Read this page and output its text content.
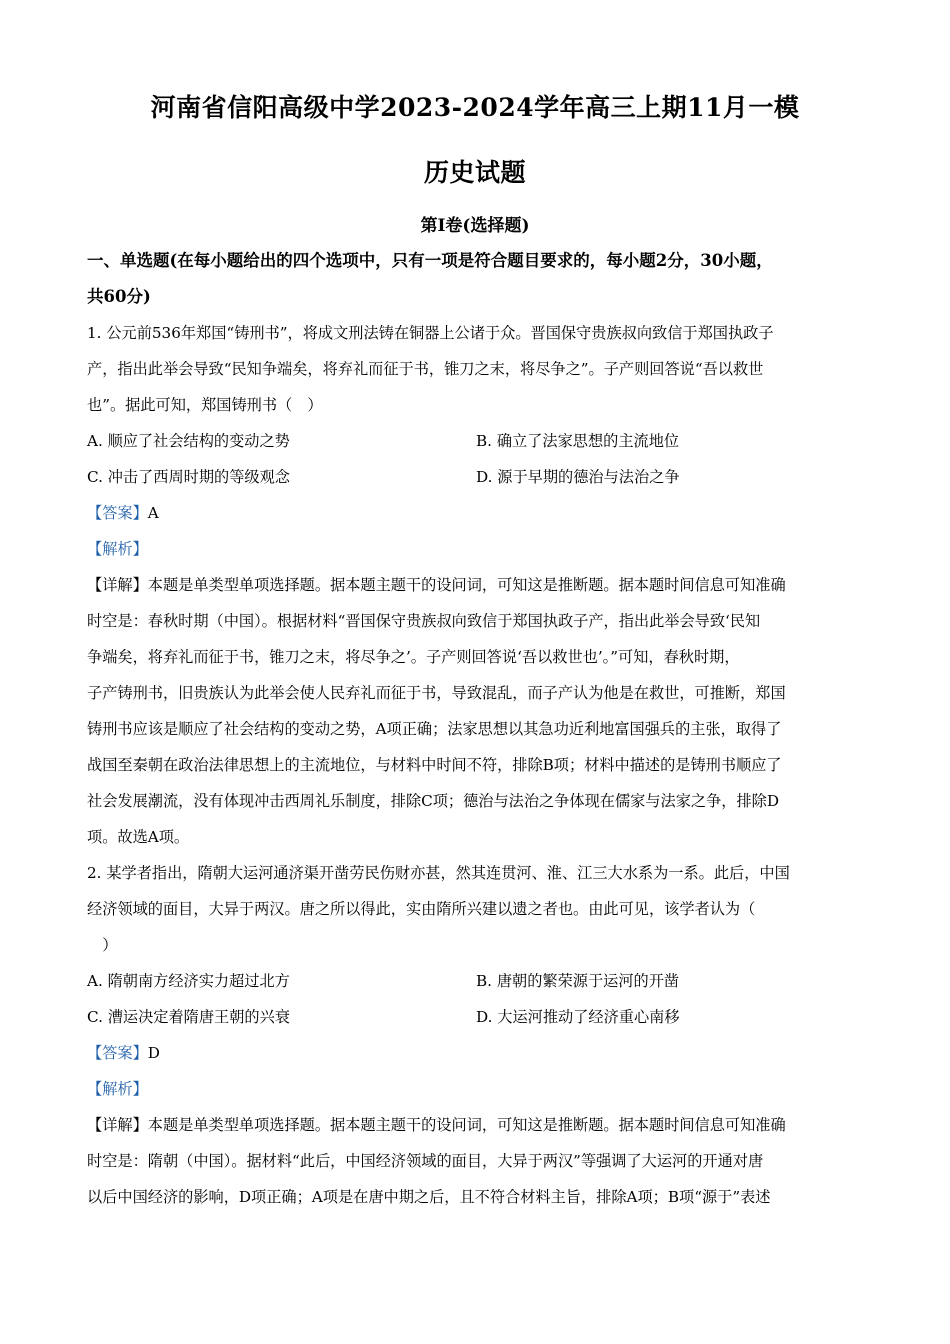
河南省信阳高级中学2023-2024学年高三上期11月一模
历史试题
第Ⅰ卷(选择题)
一、单选题(在每小题给出的四个选项中，只有一项是符合题目要求的，每小题2分，30小题，
共60分)
1. 公元前536年郑国“铸刑书”，将成文刑法铸在铜器上公诸于众。晋国保守贵族叔向致信于郑国执政子
产，指出此举会导致“民知争端矣，将弃礼而征于书，锥刀之末，将尽争之”。子产则回答说“吾以救世
也”。据此可知，郑国铸刑书（　）
A. 顺应了社会结构的变动之势	B. 确立了法家思想的主流地位
C. 冲击了西周时期的等级观念	D. 源于早期的德治与法治之争
【答案】A
【解析】
【详解】本题是单类型单项选择题。据本题主题干的设问词，可知这是推断题。据本题时间信息可知准确
时空是：春秋时期（中国）。根据材料“晋国保守贵族叔向致信于郑国执政子产，指出此举会导致‘民知
争端矣，将弃礼而征于书，锥刀之末，将尽争之’。子产则回答说‘吾以救世也’。”可知，春秋时期，
子产铸刑书，旧贵族认为此举会使人民弃礼而征于书，导致混乱，而子产认为他是在救世，可推断，郑国
铸刑书应该是顺应了社会结构的变动之势，A项正确；法家思想以其急功近利地富国强兵的主张，取得了
战国至秦朝在政治法律思想上的主流地位，与材料中时间不符，排除B项；材料中描述的是铸刑书顺应了
社会发展潮流，没有体现冲击西周礼乐制度，排除C项；德治与法治之争体现在儒家与法家之争，排除D
项。故选A项。
2. 某学者指出，隋朝大运河通济渠开凿劳民伤财亦甚，然其连贯河、淮、江三大水系为一系。此后，中国
经济领域的面目，大异于两汉。唐之所以得此，实由隋所兴建以遗之者也。由此可见，该学者认为（
　）
A. 隋朝南方经济实力超过北方	B. 唐朝的繁荣源于运河的开凿
C. 漕运决定着隋唐王朝的兴衰	D. 大运河推动了经济重心南移
【答案】D
【解析】
【详解】本题是单类型单项选择题。据本题主题干的设问词，可知这是推断题。据本题时间信息可知准确
时空是：隋朝（中国）。据材料“此后，中国经济领域的面目，大异于两汉”等强调了大运河的开通对唐
以后中国经济的影响，D项正确；A项是在唐中期之后，且不符合材料主旨，排除A项；B项“源于”表述
